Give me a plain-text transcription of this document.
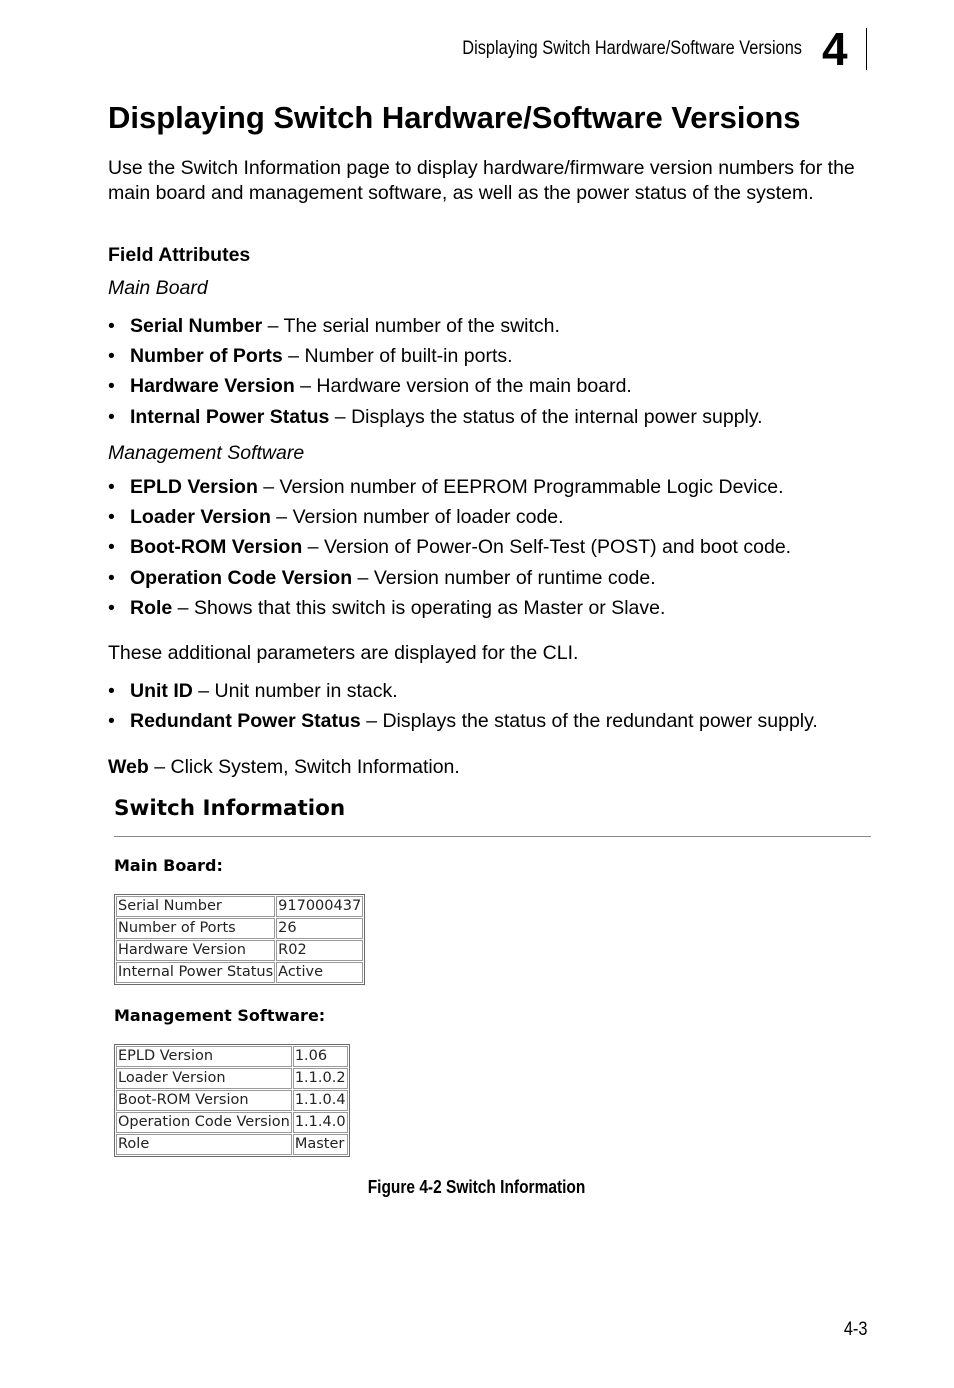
Displaying Switch Hardware/Software Versions 4
Displaying Switch Hardware/Software Versions

Use the Switch Information page to display hardware/firmware version numbers for the main board and management software, as well as the power status of the system.

Field Attributes

Main Board

• Serial Number – The serial number of the switch.
• Number of Ports – Number of built-in ports.
• Hardware Version – Hardware version of the main board.
• Internal Power Status – Displays the status of the internal power supply.

Management Software

• EPLD Version – Version number of EEPROM Programmable Logic Device.
• Loader Version – Version number of loader code.
• Boot-ROM Version – Version of Power-On Self-Test (POST) and boot code.
• Operation Code Version – Version number of runtime code.
• Role – Shows that this switch is operating as Master or Slave.

These additional parameters are displayed for the CLI.

• Unit ID – Unit number in stack.
• Redundant Power Status – Displays the status of the redundant power supply.

Web – Click System, Switch Information.

Switch Information
Main Board:
Serial Number	917000437
Number of Ports	26
Hardware Version	R02
Internal Power Status	Active
Management Software:
EPLD Version	1.06
Loader Version	1.1.0.2
Boot-ROM Version	1.1.0.4
Operation Code Version	1.1.4.0
Role	Master
Figure 4-2 Switch Information
4-3
